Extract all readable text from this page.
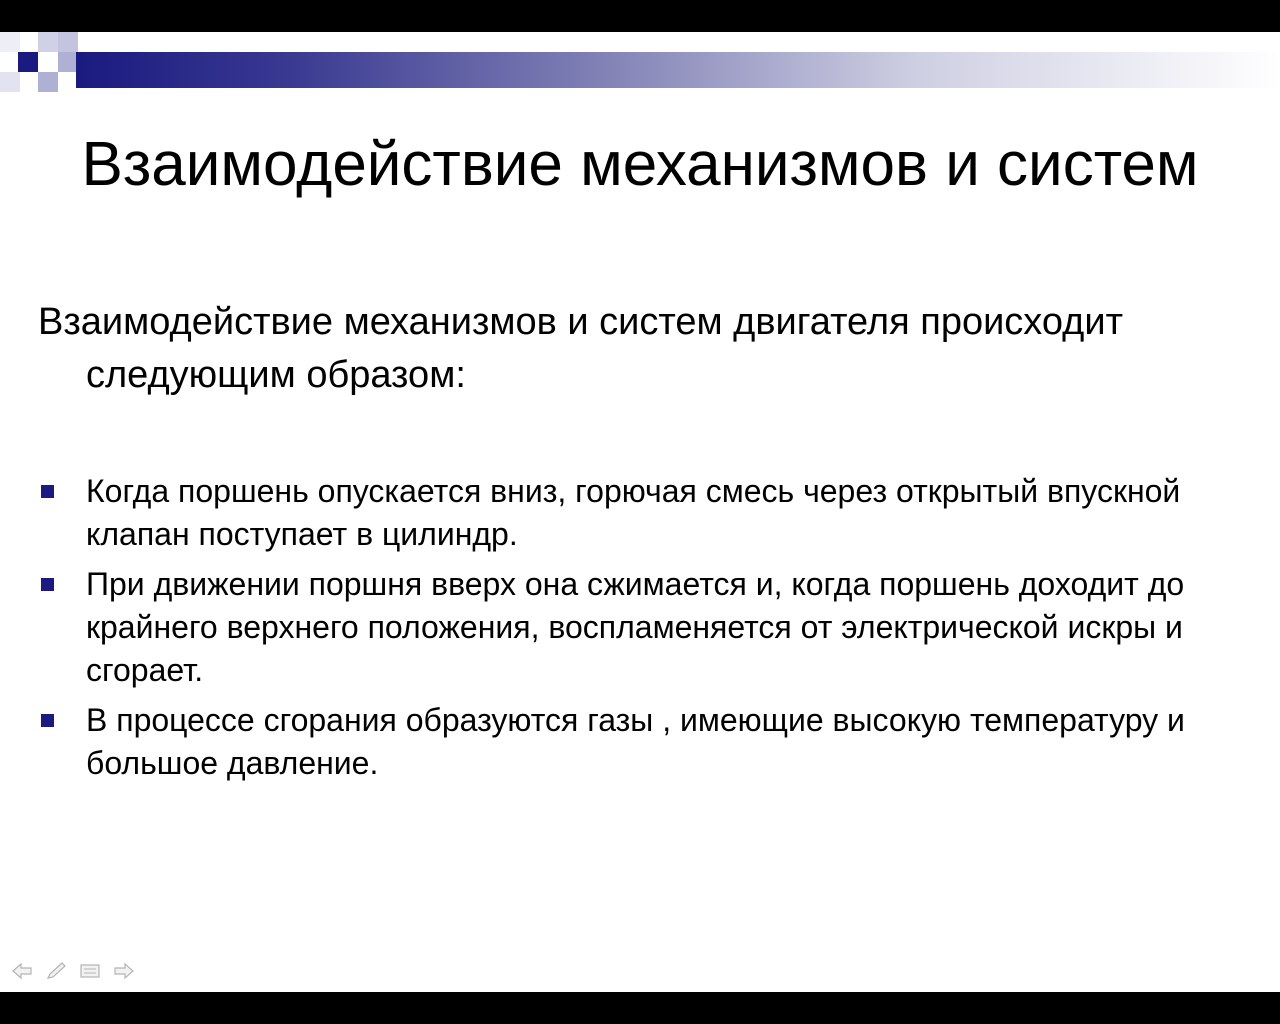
Взаимодействие механизмов и систем

Взаимодействие механизмов и систем двигателя происходит следующим образом:

Когда поршень опускается вниз, горючая смесь через открытый впускной клапан поступает в цилиндр.
При движении поршня вверх она сжимается и, когда поршень доходит до крайнего верхнего положения, воспламеняется от электрической искры и сгорает.
В процессе сгорания образуются газы , имеющие высокую температуру и большое давление.
